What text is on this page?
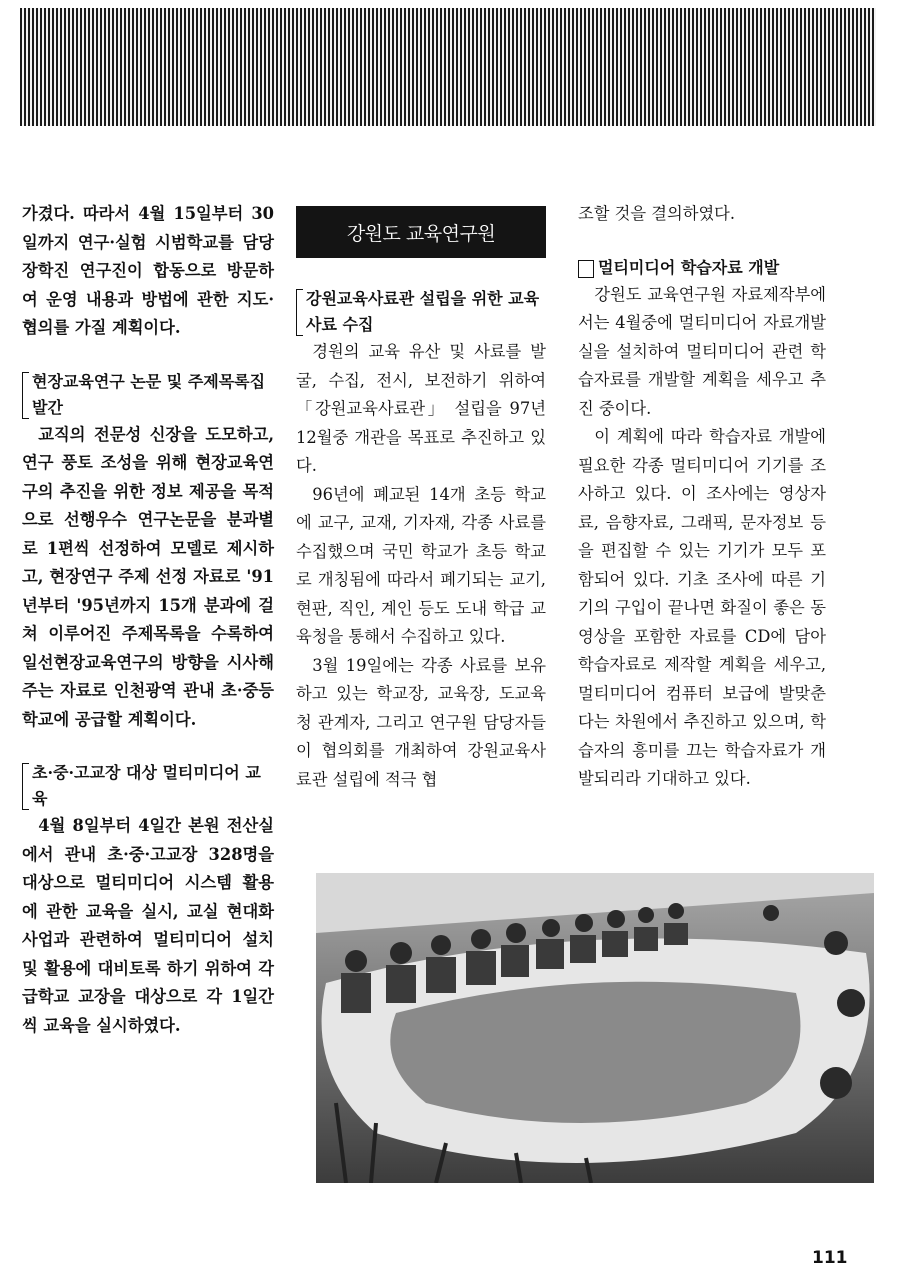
가겼다. 따라서 4월 15일부터 30일까지 연구·실험 시범학교를 담당 장학진 연구진이 합동으로 방문하여 운영 내용과 방법에 관한 지도·협의를 가질 계획이다.

현장교육연구 논문 및 주제목록집 발간

교직의 전문성 신장을 도모하고, 연구 풍토 조성을 위해 현장교육연구의 추진을 위한 정보 제공을 목적으로 선행우수 연구논문을 분과별로 1편씩 선정하여 모델로 제시하고, 현장연구 주제 선정 자료로 '91년부터 '95년까지 15개 분과에 걸쳐 이루어진 주제목록을 수록하여 일선현장교육연구의 방향을 시사해 주는 자료로 인천광역 관내 초·중등학교에 공급할 계획이다.

초·중·고교장 대상 멀티미디어 교육

4월 8일부터 4일간 본원 전산실에서 관내 초·중·고교장 328명을 대상으로 멀티미디어 시스템 활용에 관한 교육을 실시, 교실 현대화 사업과 관련하여 멀티미디어 설치 및 활용에 대비토록 하기 위하여 각급학교 교장을 대상으로 각 1일간씩 교육을 실시하였다.

강원도 교육연구원
강원교육사료관 설립을 위한 교육 사료 수집

경원의 교육 유산 및 사료를 발굴, 수집, 전시, 보전하기 위하여 「강원교육사료관」 설립을 97년 12월중 개관을 목표로 추진하고 있다.

96년에 폐교된 14개 초등 학교에 교구, 교재, 기자재, 각종 사료를 수집했으며 국민 학교가 초등 학교로 개칭됨에 따라서 폐기되는 교기, 현판, 직인, 계인 등도 도내 학급 교육청을 통해서 수집하고 있다.

3월 19일에는 각종 사료를 보유하고 있는 학교장, 교육장, 도교육청 관계자, 그리고 연구원 담당자들이 협의회를 개최하여 강원교육사료관 설립에 적극 협

조할 것을 결의하였다.

멀티미디어 학습자료 개발

강원도 교육연구원 자료제작부에서는 4월중에 멀티미디어 자료개발실을 설치하여 멀티미디어 관련 학습자료를 개발할 계획을 세우고 추진 중이다.

이 계획에 따라 학습자료 개발에 필요한 각종 멀티미디어 기기를 조사하고 있다. 이 조사에는 영상자료, 음향자료, 그래픽, 문자정보 등을 편집할 수 있는 기기가 모두 포함되어 있다. 기초 조사에 따른 기기의 구입이 끝나면 화질이 좋은 동영상을 포함한 자료를 CD에 담아 학습자료로 제작할 계획을 세우고, 멀티미디어 컴퓨터 보급에 발맞춘다는 차원에서 추진하고 있으며, 학습자의 흥미를 끄는 학습자료가 개발되리라 기대하고 있다.

111
